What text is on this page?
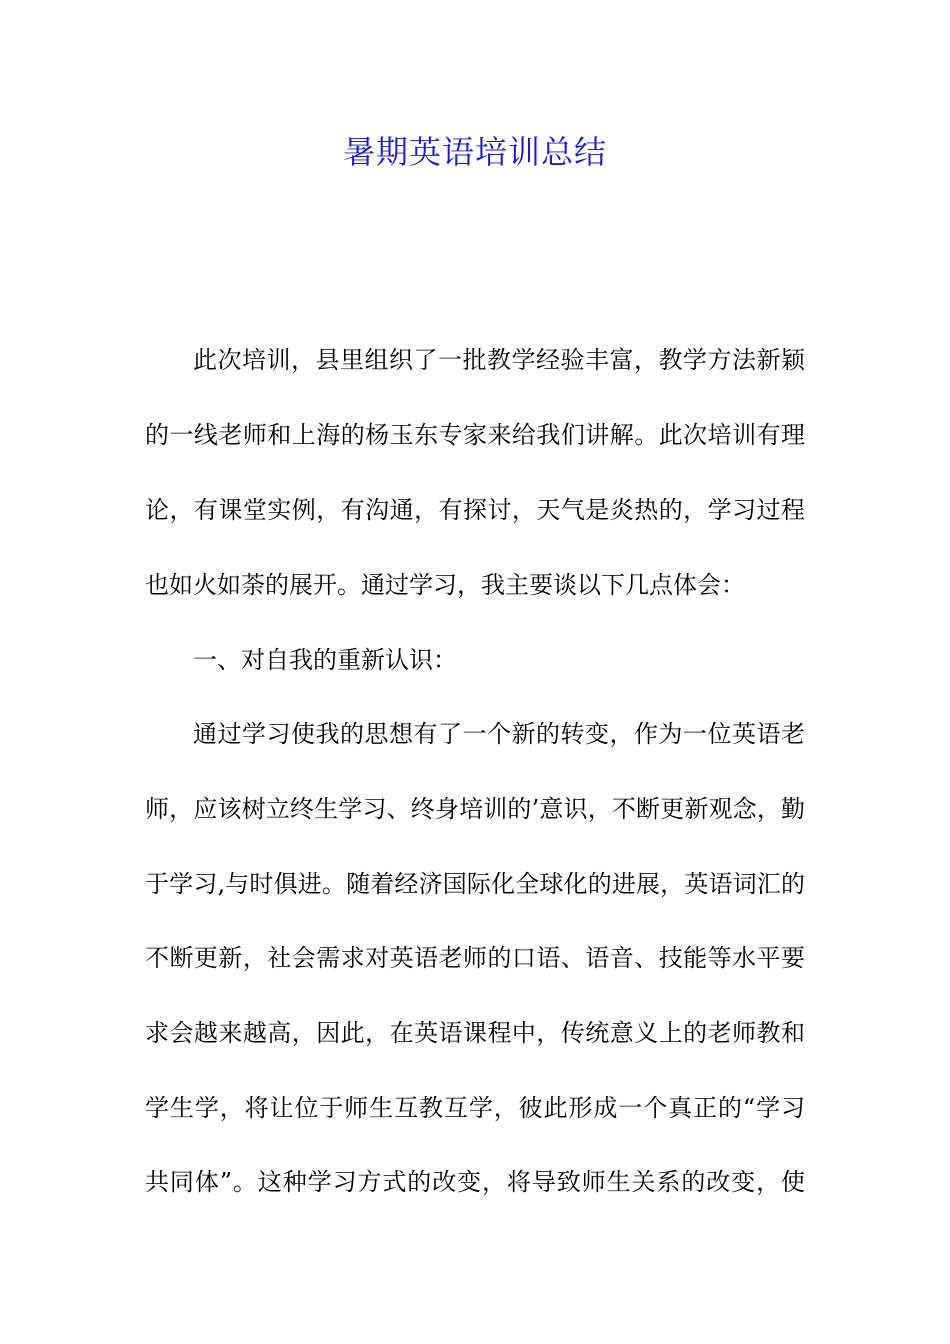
暑期英语培训总结
此次培训，县里组织了一批教学经验丰富，教学方法新颖
的一线老师和上海的杨玉东专家来给我们讲解。此次培训有理
论，有课堂实例，有沟通，有探讨，天气是炎热的，学习过程
也如火如荼的展开。通过学习，我主要谈以下几点体会：
一、对自我的重新认识：
通过学习使我的思想有了一个新的转变，作为一位英语老
师，应该树立终生学习、终身培训的’意识，不断更新观念，勤
于学习,与时俱进。随着经济国际化全球化的进展，英语词汇的
不断更新，社会需求对英语老师的口语、语音、技能等水平要
求会越来越高，因此，在英语课程中，传统意义上的老师教和
学生学，将让位于师生互教互学，彼此形成一个真正的“学习
共同体”。这种学习方式的改变，将导致师生关系的改变，使
